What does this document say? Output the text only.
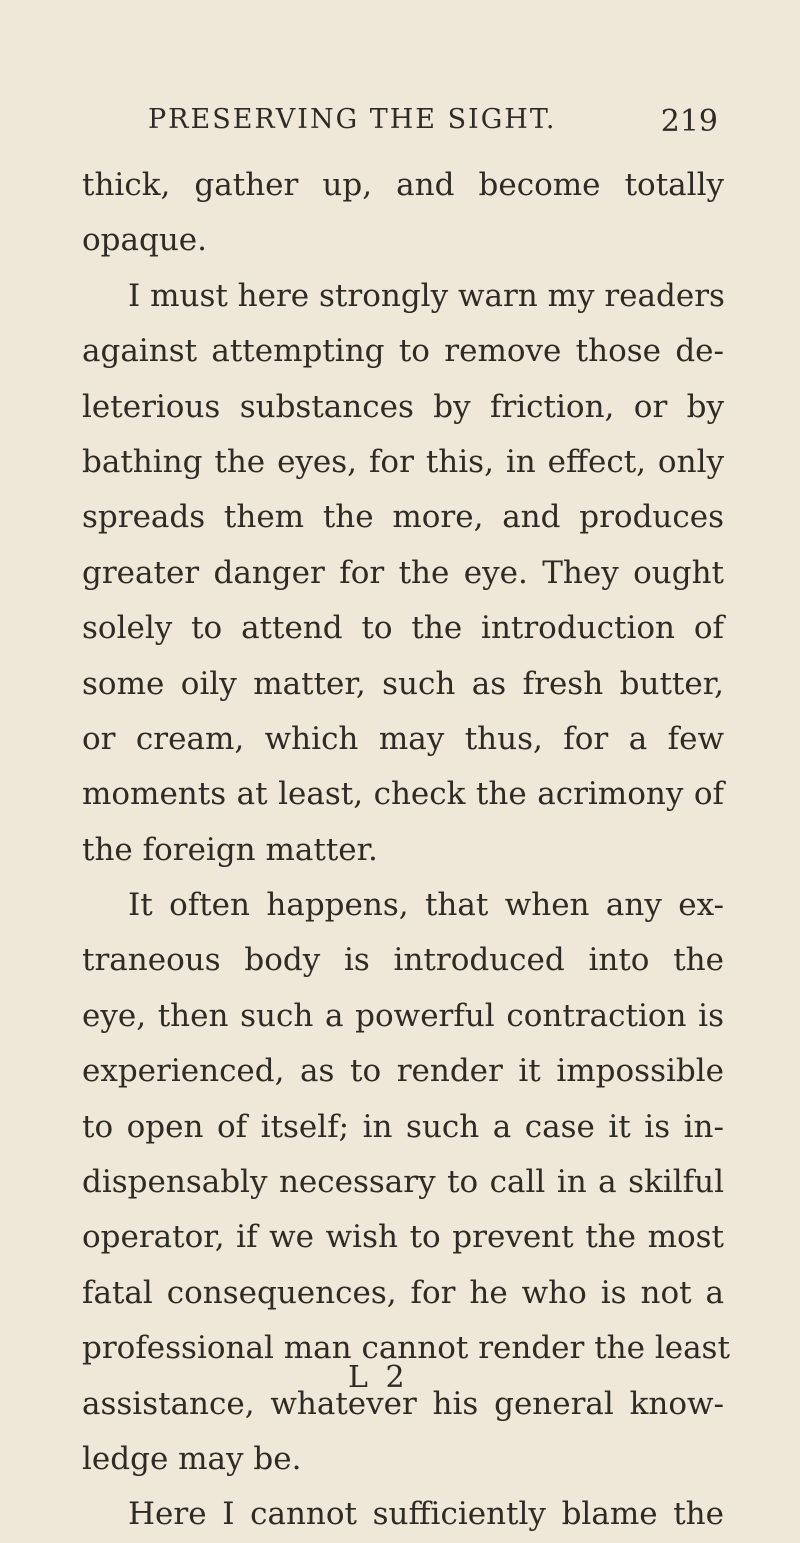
PRESERVING THE SIGHT.	219
thick, gather up, and become totally
opaque.
I must here strongly warn my readers
against attempting to remove those de-
leterious substances by friction, or by
bathing the eyes, for this, in effect, only
spreads them the more, and produces
greater danger for the eye. They ought
solely to attend to the introduction of
some oily matter, such as fresh butter,
or cream, which may thus, for a few
moments at least, check the acrimony of
the foreign matter.
It often happens, that when any ex-
traneous body is introduced into the
eye, then such a powerful contraction is
experienced, as to render it impossible
to open of itself; in such a case it is in-
dispensably necessary to call in a skilful
operator, if we wish to prevent the most
fatal consequences, for he who is not a
professional man cannot render the least
assistance, whatever his general know-
ledge may be.
Here I cannot sufficiently blame the
L 2
